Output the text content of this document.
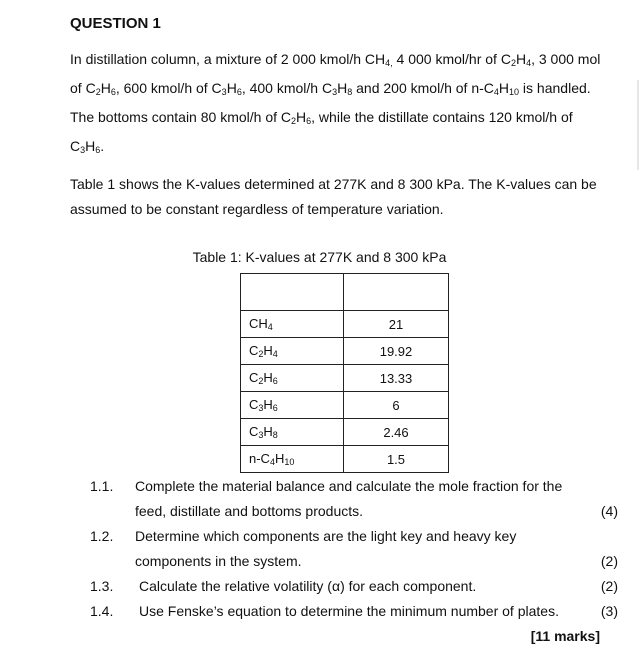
QUESTION 1
In distillation column, a mixture of 2 000 kmol/h $CH_{4,}$ 4 000 kmol/hr of $C_2H_4$, 3 000 mol of $C_2H_6$, 600 kmol/h of $C_3H_6$, 400 kmol/h $C_3H_8$ and 200 kmol/h of $n-C_4H_{10}$ is handled. The bottoms contain 80 kmol/h of $C_2H_6$, while the distillate contains 120 kmol/h of $C_3H_6$.
Table 1 shows the K-values determined at 277K and 8 300 kPa. The K-values can be assumed to be constant regardless of temperature variation.
Table 1: K-values at 277K and 8 300 kPa

$CH_4$	21
$C_2H_4$	19.92
$C_2H_6$	13.33
$C_3H_6$	6
$C_3H_8$	2.46
$n-C_4H_{10}$	1.5
1.1.	Complete the material balance and calculate the mole fraction for the feed, distillate and bottoms products.	(4)
1.2.	Determine which components are the light key and heavy key components in the system.	(2)
1.3.	Calculate the relative volatility (α) for each component.	(2)
1.4.	Use Fenske’s equation to determine the minimum number of plates.	(3)
[11 marks]
